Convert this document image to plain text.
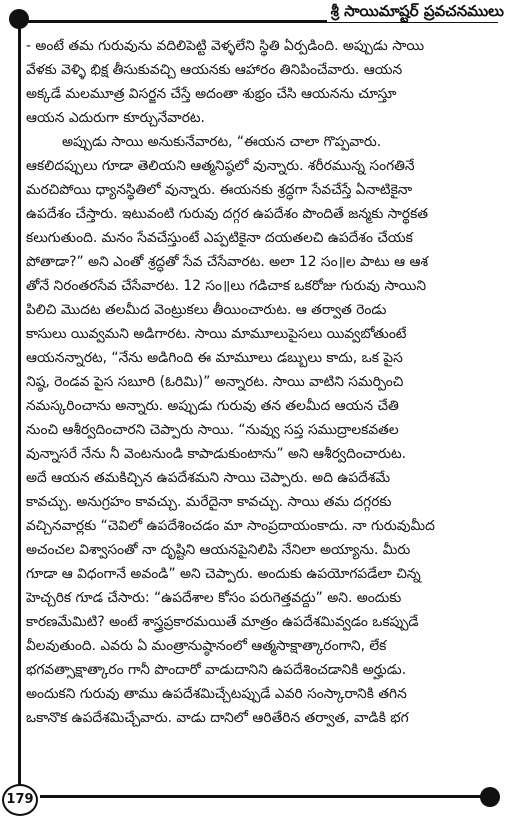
శ్రీ సాయిమాష్టర్ ప్రవచనములు
- అంటే తమ గురువును వదిలిపెట్టి వెళ్ళలేని స్థితి ఏర్పడింది. అప్పుడు సాయి
వేళకు వెళ్ళి భిక్ష తీసుకువచ్చి ఆయనకు ఆహారం తినిపించేవారు. ఆయన
అక్కడే మలమూత్ర విసర్జన చేస్తే అదంతా శుభ్రం చేసి ఆయనను చూస్తూ
ఆయన ఎదురుగా కూర్చునేవారట.
అప్పుడు సాయి అనుకునేవారట, “ఈయన చాలా గొప్పవారు.
ఆకలిదప్పులు గూడా తెలియని ఆత్మనిష్ఠలో వున్నారు. శరీరమున్న సంగతినే
మరచిపోయి ధ్యానస్థితిలో వున్నారు. ఈయనకు శ్రద్ధగా సేవచేస్తే ఏనాటికైనా
ఉపదేశం చేస్తారు. ఇటువంటి గురువు దగ్గర ఉపదేశం పొందితే జన్మకు సార్థకత
కలుగుతుంది. మనం సేవచేస్తుంటే ఎప్పటికైనా దయతలచి ఉపదేశం చేయక
పోతాడా?” అని ఎంతో శ్రద్ధతో సేవ చేసేవారట. అలా 12 సం॥ల పాటు ఆ ఆశ
తోనే నిరంతరసేవ చేసేవారట. 12 సం॥లు గడిచాక ఒకరోజు గురువు సాయిని
పిలిచి మొదట తలమీద వెంట్రుకలు తీయించారుట. ఆ తర్వాత రెండు
కాసులు యివ్వమని అడిగారట. సాయి మామూలుపైసలు యివ్వబోతుంటే
ఆయనన్నారట, “నేను అడిగింది ఈ మామూలు డబ్బులు కాదు, ఒక పైస
నిష్ఠ, రెండవ పైస సబూరి (ఓరిమి)” అన్నారట. సాయి వాటిని సమర్పించి
నమస్కరించాను అన్నారు. అప్పుడు గురువు తన తలమీద ఆయన చేతి
నుంచి ఆశీర్వదించారని చెప్పారు సాయి. “నువ్వు సప్త సముద్రాలకవతల
వున్నాసరే నేను నీ వెంటనుండి కాపాడుకుంటాను” అని ఆశీర్వదించారుట.
అదే ఆయన తమకిచ్చిన ఉపదేశమని సాయి చెప్పారు. అది ఉపదేశమే
కావచ్చు. అనుగ్రహం కావచ్చు. మరేదైనా కావచ్చు. సాయి తమ దగ్గరకు
వచ్చినవార్లకు “చెవిలో ఉపదేశించడం మా సాంప్రదాయంకాదు. నా గురువుమీద
అచంచల విశ్వాసంతో నా దృష్టిని ఆయనపైనిలిపి నేనిలా అయ్యాను. మీరు
గూడా ఆ విధంగానే అవండి” అని చెప్పారు. అందుకు ఉపయోగపడేలా చిన్న
హెచ్చరిక గూడ చేసారు: “ఉపదేశాల కోసం పరుగెత్తవద్దు” అని. అందుకు
కారణమేమిటి? అంటే శాస్త్రప్రకారమయితే మాత్రం ఉపదేశమివ్వడం ఒకప్పుడే
వీలవుతుంది. ఎవరు ఏ మంత్రానుష్ఠానంలో ఆత్మసాక్షాత్కారంగాని, లేక
భగవత్సాక్షాత్కారం గానీ పొందారో వాడుదానిని ఉపదేశించడానికి అర్హుడు.
అందుకని గురువు తాము ఉపదేశమిచ్చేటప్పుడే ఎవరి సంస్కారానికి తగిన
ఒకానొక ఉపదేశమిచ్చేవారు. వాడు దానిలో ఆరితేరిన తర్వాత, వాడికి భగ
179
